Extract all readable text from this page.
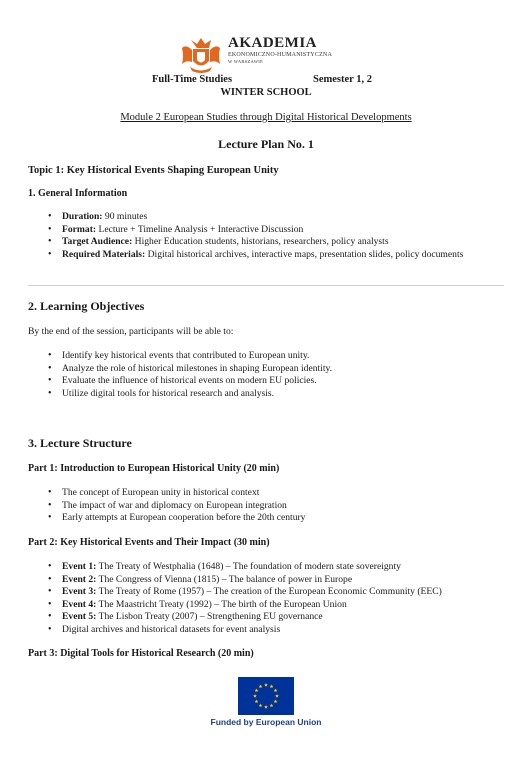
AKADEMIA
EKONOMICZNO-HUMANISTYCZNA
W WARSZAWIE
Full-Time Studies	Semester 1, 2
WINTER SCHOOL
Module 2 European Studies through Digital Historical Developments
Lecture Plan No. 1
Topic 1: Key Historical Events Shaping European Unity
1. General Information
• Duration: 90 minutes
• Format: Lecture + Timeline Analysis + Interactive Discussion
• Target Audience: Higher Education students, historians, researchers, policy analysts
• Required Materials: Digital historical archives, interactive maps, presentation slides, policy documents
2. Learning Objectives
By the end of the session, participants will be able to:
• Identify key historical events that contributed to European unity.
• Analyze the role of historical milestones in shaping European identity.
• Evaluate the influence of historical events on modern EU policies.
• Utilize digital tools for historical research and analysis.
3. Lecture Structure
Part 1: Introduction to European Historical Unity (20 min)
• The concept of European unity in historical context
• The impact of war and diplomacy on European integration
• Early attempts at European cooperation before the 20th century
Part 2: Key Historical Events and Their Impact (30 min)
• Event 1: The Treaty of Westphalia (1648) – The foundation of modern state sovereignty
• Event 2: The Congress of Vienna (1815) – The balance of power in Europe
• Event 3: The Treaty of Rome (1957) – The creation of the European Economic Community (EEC)
• Event 4: The Maastricht Treaty (1992) – The birth of the European Union
• Event 5: The Lisbon Treaty (2007) – Strengthening EU governance
• Digital archives and historical datasets for event analysis
Part 3: Digital Tools for Historical Research (20 min)
Funded by European Union
